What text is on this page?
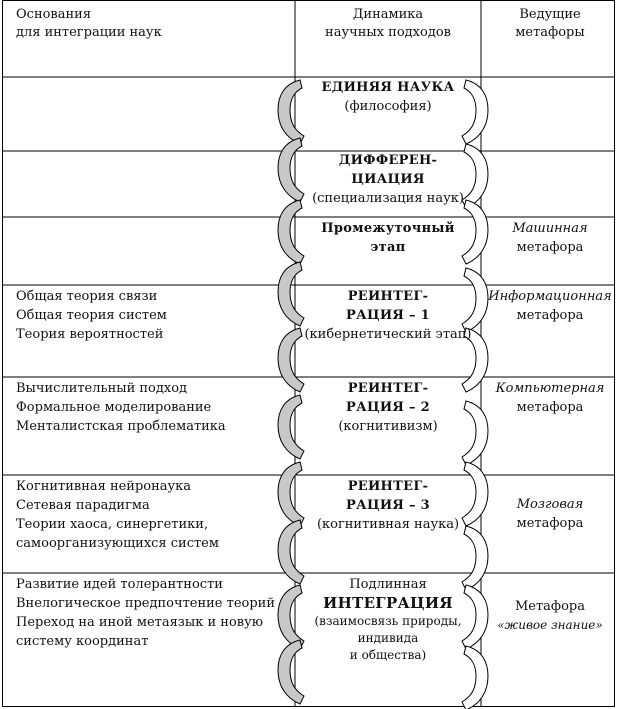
Основания
для интеграции наук
Динамика
научных подходов
Ведущие
метафоры
ЕДИНЯЯ НАУКА
(философия)
ДИФФЕРЕН-
ЦИАЦИЯ
(специализация наук)
Промежуточный
этап
Машинная
метафора
Общая теория связи
Общая теория систем
Теория вероятностей
РЕИНТЕГ-
РАЦИЯ – 1
(кибернетический этап)
Информационная
метафора
Вычислительный подход
Формальное моделирование
Менталистская проблематика
РЕИНТЕГ-
РАЦИЯ – 2
(когнитивизм)
Компьютерная
метафора
Когнитивная нейронаука
Сетевая парадигма
Теории хаоса, синергетики,
самоорганизующихся систем
РЕИНТЕГ-
РАЦИЯ – 3
(когнитивная наука)
Мозговая
метафора
Развитие идей толерантности
Внелогическое предпочтение теорий
Переход на иной метаязык и новую
систему координат
Подлинная
ИНТЕГРАЦИЯ
(взаимосвязь природы,
индивида
и общества)
Метафора
«живое знание»
